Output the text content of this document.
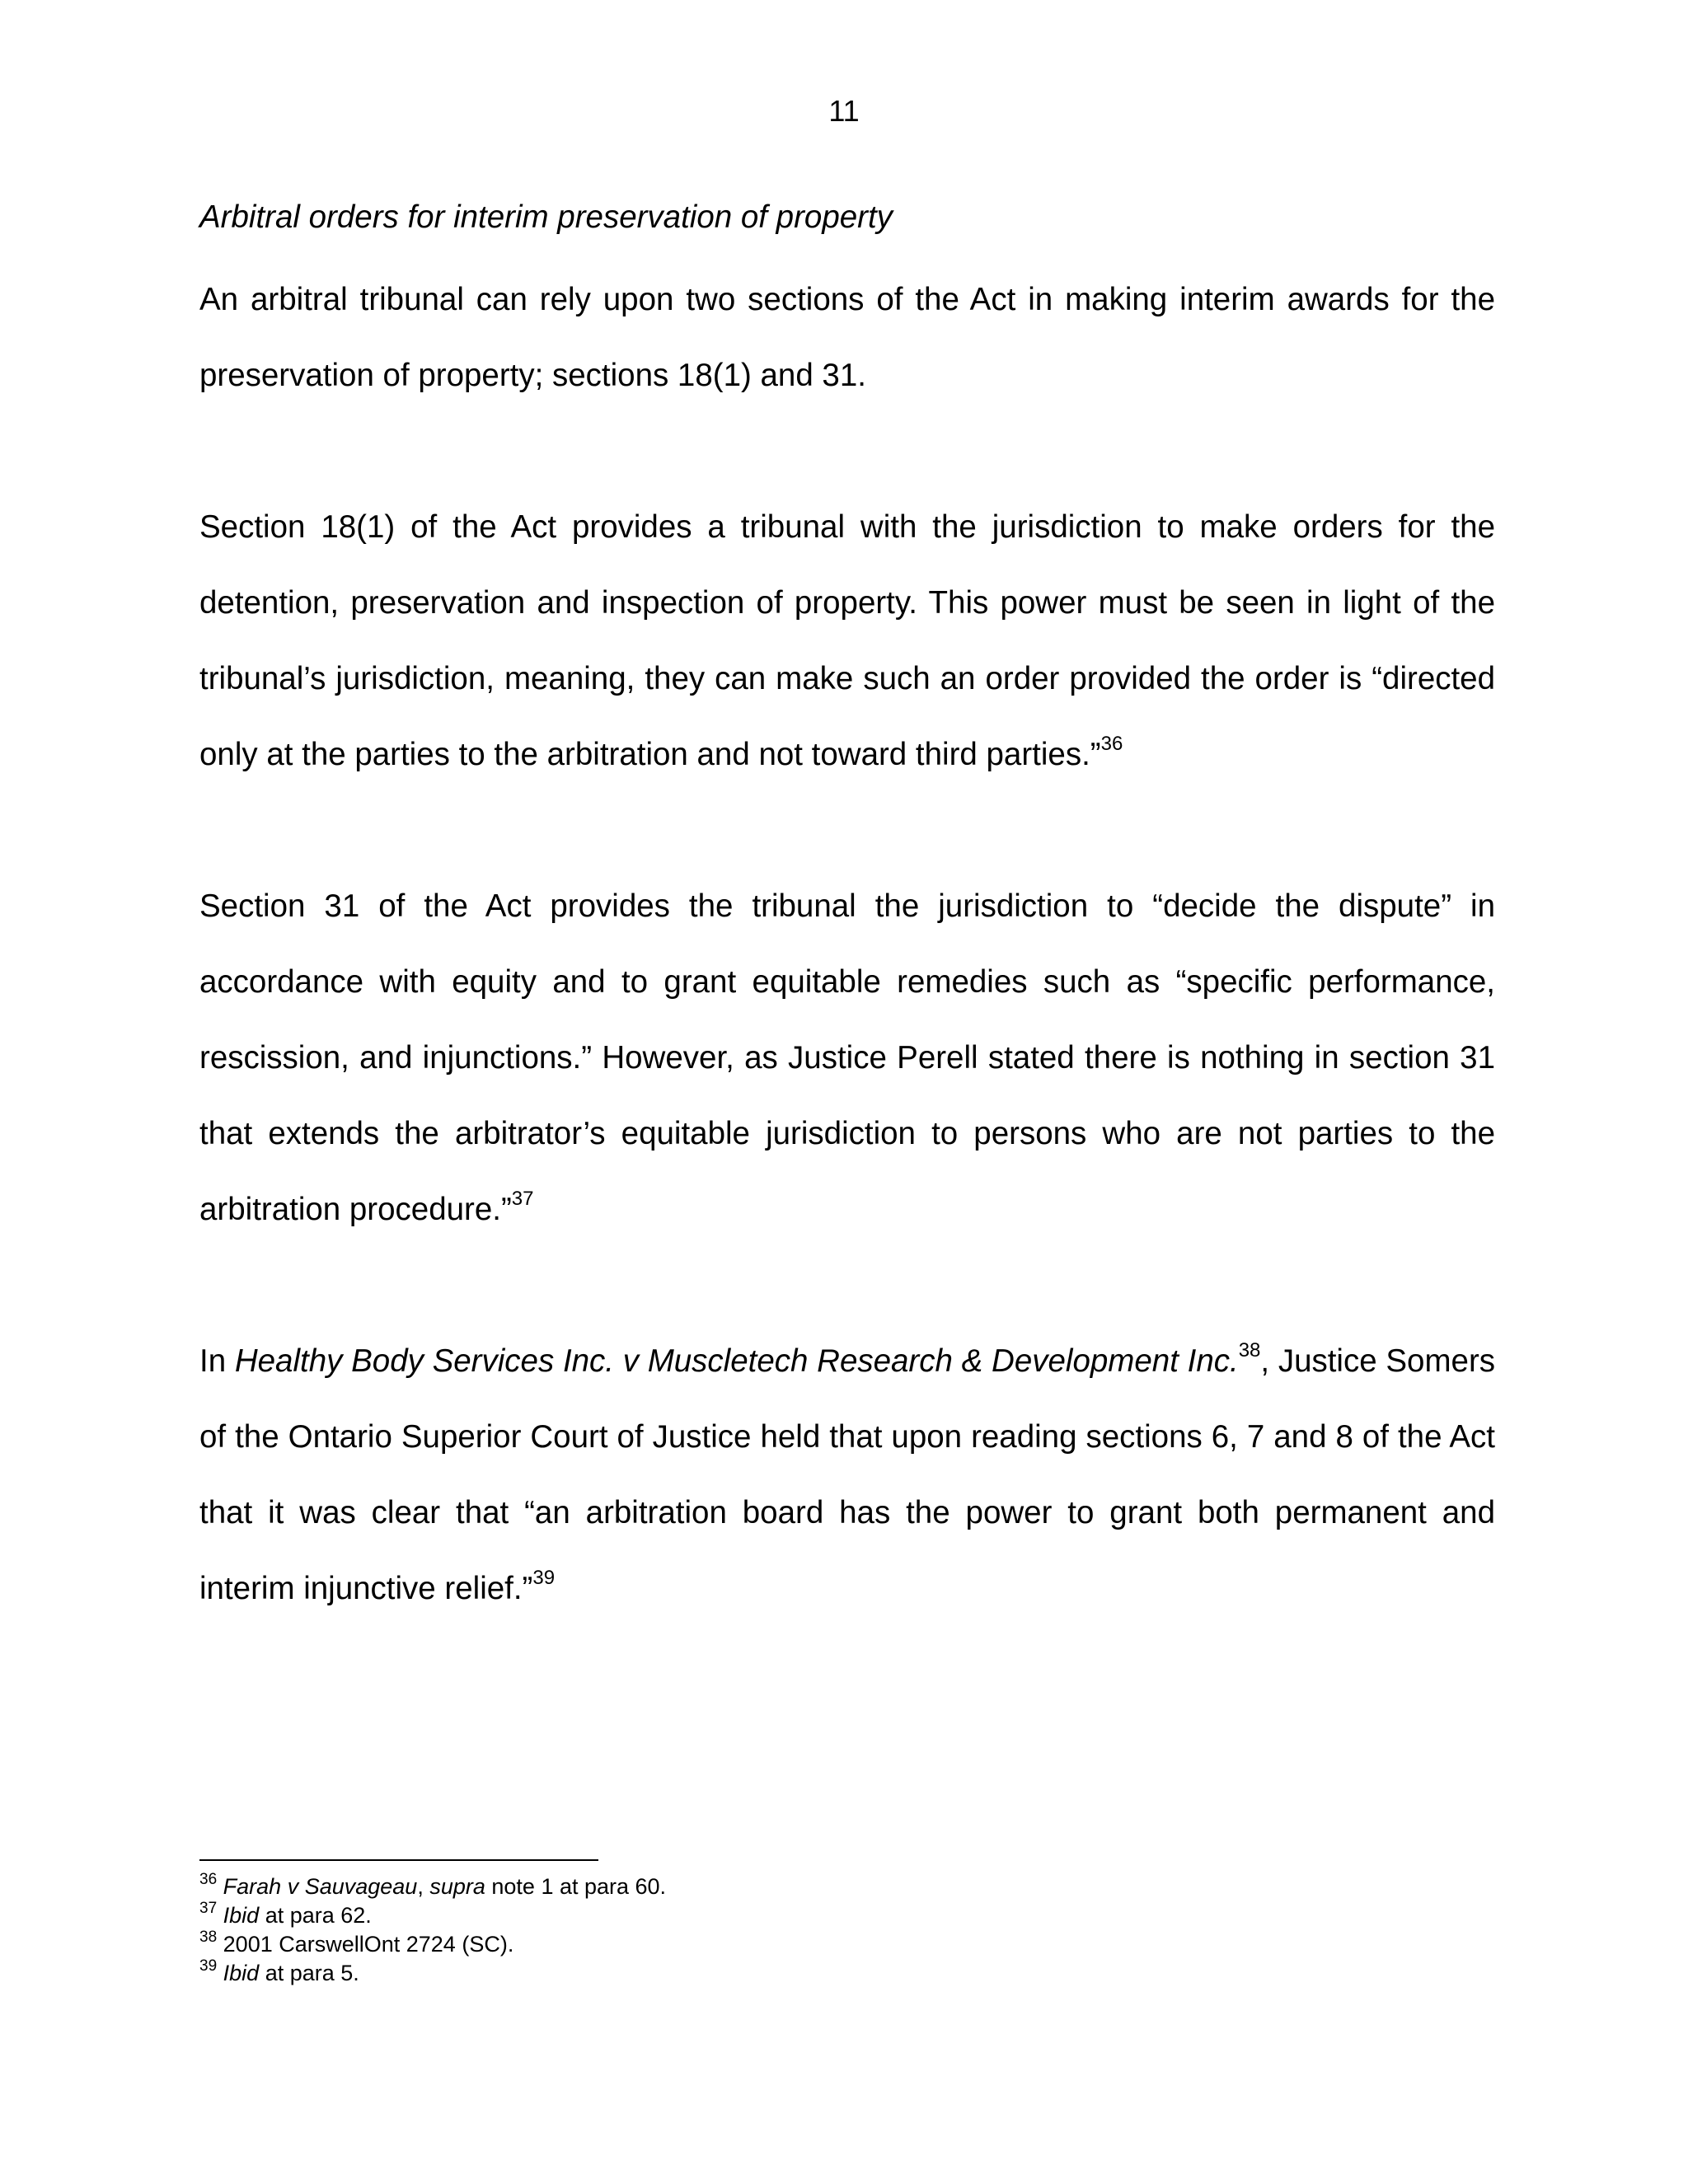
11

Arbitral orders for interim preservation of property

An arbitral tribunal can rely upon two sections of the Act in making interim awards for the preservation of property; sections 18(1) and 31.

Section 18(1) of the Act provides a tribunal with the jurisdiction to make orders for the detention, preservation and inspection of property. This power must be seen in light of the tribunal’s jurisdiction, meaning, they can make such an order provided the order is “directed only at the parties to the arbitration and not toward third parties.”$^{36}$

Section 31 of the Act provides the tribunal the jurisdiction to “decide the dispute” in accordance with equity and to grant equitable remedies such as “specific performance, rescission, and injunctions.” However, as Justice Perell stated there is nothing in section 31 that extends the arbitrator’s equitable jurisdiction to persons who are not parties to the arbitration procedure.”$^{37}$

In Healthy Body Services Inc. v Muscletech Research & Development Inc.$^{38}$, Justice Somers of the Ontario Superior Court of Justice held that upon reading sections 6, 7 and 8 of the Act that it was clear that “an arbitration board has the power to grant both permanent and interim injunctive relief.”$^{39}$

$^{36}$ Farah v Sauvageau, supra note 1 at para 60.
$^{37}$ Ibid at para 62.
$^{38}$ 2001 CarswellOnt 2724 (SC).
$^{39}$ Ibid at para 5.
